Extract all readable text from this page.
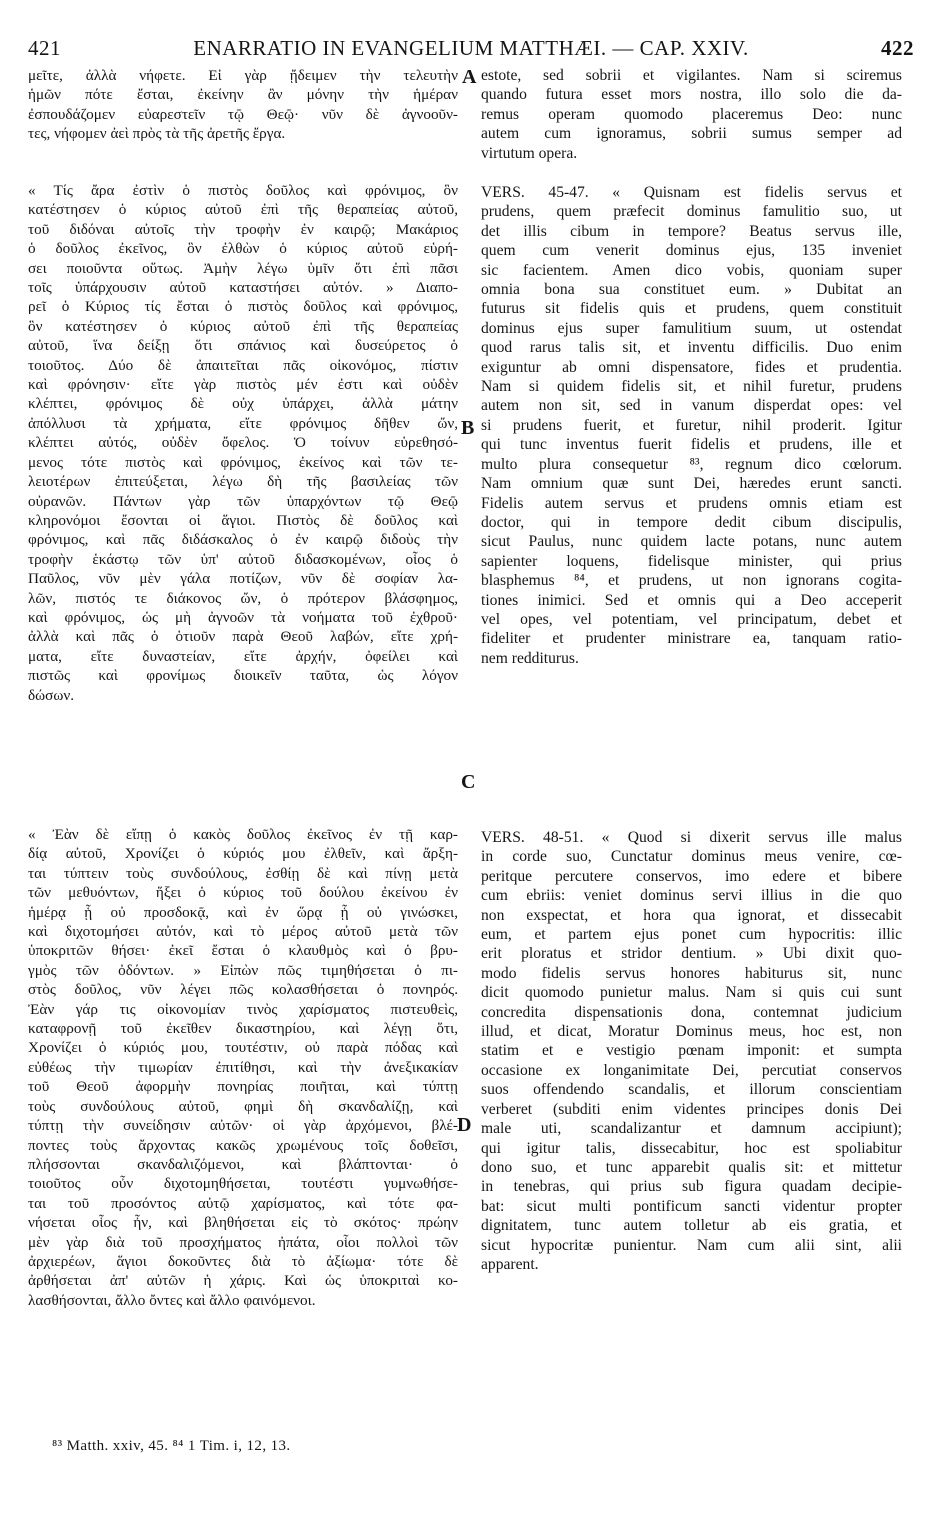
421	ENARRATIO IN EVANGELIUM MATTHÆI. — CAP. XXIV.	422
μεῖτε, ἀλλὰ νήφετε. Εἰ γὰρ ᾔδειμεν τὴν τελευτὴν
ἡμῶν πότε ἔσται, ἐκείνην ἂν μόνην τὴν ἡμέραν
ἐσπουδάζομεν εὐαρεστεῖν τῷ Θεῷ· νῦν δὲ ἀγνοοῦν-
τες, νήφομεν ἀεὶ πρὸς τὰ τῆς ἀρετῆς ἔργα.
« Τίς ἄρα ἐστὶν ὁ πιστὸς δοῦλος καὶ φρόνιμος, ὃν
κατέστησεν ὁ κύριος αὐτοῦ ἐπὶ τῆς θεραπείας αὐτοῦ,
τοῦ διδόναι αὐτοῖς τὴν τροφὴν ἐν καιρῷ; Μακάριος
ὁ δοῦλος ἐκεῖνος, ὃν ἐλθὼν ὁ κύριος αὐτοῦ εὑρή-
σει ποιοῦντα οὕτως. Ἀμὴν λέγω ὑμῖν ὅτι ἐπὶ πᾶσι
τοῖς ὑπάρχουσιν αὐτοῦ καταστήσει αὐτόν. » Διαπο-
ρεῖ ὁ Κύριος τίς ἔσται ὁ πιστὸς δοῦλος καὶ φρόνιμος,
ὃν κατέστησεν ὁ κύριος αὐτοῦ ἐπὶ τῆς θεραπείας
αὐτοῦ, ἵνα δείξῃ ὅτι σπάνιος καὶ δυσεύρετος ὁ
τοιοῦτος. Δύο δὲ ἀπαιτεῖται πᾶς οἰκονόμος, πίστιν
καὶ φρόνησιν· εἴτε γὰρ πιστὸς μέν ἐστι καὶ οὐδὲν
κλέπτει, φρόνιμος δὲ οὐχ ὑπάρχει, ἀλλὰ μάτην
ἀπόλλυσι τὰ χρήματα, εἴτε φρόνιμος δῆθεν ὤν,
κλέπτει αὐτός, οὐδὲν ὄφελος. Ὁ τοίνυν εὑρεθησό-
μενος τότε πιστὸς καὶ φρόνιμος, ἐκείνος καὶ τῶν τε-
λειοτέρων ἐπιτεύξεται, λέγω δὴ τῆς βασιλείας τῶν
οὐρανῶν. Πάντων γὰρ τῶν ὑπαρχόντων τῷ Θεῷ
κληρονόμοι ἔσονται οἱ ἅγιοι. Πιστὸς δὲ δοῦλος καὶ
φρόνιμος, καὶ πᾶς διδάσκαλος ὁ ἐν καιρῷ διδοὺς τὴν
τροφὴν ἑκάστῳ τῶν ὑπ' αὐτοῦ διδασκομένων, οἷος ὁ
Παῦλος, νῦν μὲν γάλα ποτίζων, νῦν δὲ σοφίαν λα-
λῶν, πιστός τε διάκονος ὤν, ὁ πρότερον βλάσφημος,
καὶ φρόνιμος, ὡς μὴ ἀγνοῶν τὰ νοήματα τοῦ ἐχθροῦ·
ἀλλὰ καὶ πᾶς ὁ ὁτιοῦν παρὰ Θεοῦ λαβών, εἴτε χρή-
ματα, εἴτε δυναστείαν, εἴτε ἀρχήν, ὀφείλει καὶ
πιστῶς καὶ φρονίμως διοικεῖν ταῦτα, ὡς λόγον
δώσων.
« Ἐὰν δὲ εἴπῃ ὁ κακὸς δοῦλος ἐκεῖνος ἐν τῇ καρ-
δίᾳ αὐτοῦ, Χρονίζει ὁ κύριός μου ἐλθεῖν, καὶ ἄρξη-
ται τύπτειν τοὺς συνδούλους, ἐσθίῃ δὲ καὶ πίνῃ μετὰ
τῶν μεθυόντων, ἥξει ὁ κύριος τοῦ δούλου ἐκείνου ἐν
ἡμέρᾳ ᾗ οὐ προσδοκᾷ, καὶ ἐν ὥρᾳ ᾗ οὐ γινώσκει,
καὶ διχοτομήσει αὐτόν, καὶ τὸ μέρος αὐτοῦ μετὰ τῶν
ὑποκριτῶν θήσει· ἐκεῖ ἔσται ὁ κλαυθμὸς καὶ ὁ βρυ-
γμὸς τῶν ὀδόντων. » Εἰπὼν πῶς τιμηθήσεται ὁ πι-
στὸς δοῦλος, νῦν λέγει πῶς κολασθήσεται ὁ πονηρός.
Ἐὰν γάρ τις οἰκονομίαν τινὸς χαρίσματος πιστευθεὶς,
καταφρονῇ τοῦ ἐκεῖθεν δικαστηρίου, καὶ λέγῃ ὅτι,
Χρονίζει ὁ κύριός μου, τουτέστιν, οὐ παρὰ πόδας καὶ
εὐθέως τὴν τιμωρίαν ἐπιτίθησι, καὶ τὴν ἀνεξικακίαν
τοῦ Θεοῦ ἀφορμὴν πονηρίας ποιῆται, καὶ τύπτῃ
τοὺς συνδούλους αὐτοῦ, φημὶ δὴ σκανδαλίζῃ, καὶ
τύπτῃ τὴν συνείδησιν αὐτῶν· οἱ γὰρ ἀρχόμενοι, βλέ-
ποντες τοὺς ἄρχοντας κακῶς χρωμένους τοῖς δοθεῖσι,
πλήσσονται σκανδαλιζόμενοι, καὶ βλάπτονται· ὁ
τοιοῦτος οὖν διχοτομηθήσεται, τουτέστι γυμνωθήσε-
ται τοῦ προσόντος αὐτῷ χαρίσματος, καὶ τότε φα-
νήσεται οἷος ἦν, καὶ βληθήσεται εἰς τὸ σκότος· πρώην
μὲν γὰρ διὰ τοῦ προσχήματος ἠπάτα, οἷοι πολλοὶ τῶν
ἀρχιερέων, ἅγιοι δοκοῦντες διὰ τὸ ἀξίωμα· τότε δὲ
ἀρθήσεται ἀπ' αὐτῶν ἡ χάρις. Καὶ ὡς ὑποκριταὶ κο-
λασθήσονται, ἄλλο ὄντες καὶ ἄλλο φαινόμενοι.
estote, sed sobrii et vigilantes. Nam si sciremus
quando futura esset mors nostra, illo solo die da-
remus operam quomodo placeremus Deo: nunc
autem cum ignoramus, sobrii sumus semper ad
virtutum opera.
VERS. 45-47. « Quisnam est fidelis servus et
prudens, quem præfecit dominus famulitio suo, ut
det illis cibum in tempore? Beatus servus ille,
quem cum venerit dominus ejus, 135 inveniet
sic facientem. Amen dico vobis, quoniam super
omnia bona sua constituet eum. » Dubitat an
futurus sit fidelis quis et prudens, quem constituit
dominus ejus super famulitium suum, ut ostendat
quod rarus talis sit, et inventu difficilis. Duo enim
exiguntur ab omni dispensatore, fides et prudentia.
Nam si quidem fidelis sit, et nihil furetur, prudens
autem non sit, sed in vanum disperdat opes: vel
si prudens fuerit, et furetur, nihil proderit. Igitur
qui tunc inventus fuerit fidelis et prudens, ille et
multo plura consequetur ⁸³, regnum dico cœlorum.
Nam omnium quæ sunt Dei, hæredes erunt sancti.
Fidelis autem servus et prudens omnis etiam est
doctor, qui in tempore dedit cibum discipulis,
sicut Paulus, nunc quidem lacte potans, nunc autem
sapienter loquens, fidelisque minister, qui prius
blasphemus ⁸⁴, et prudens, ut non ignorans cogita-
tiones inimici. Sed et omnis qui a Deo acceperit
vel opes, vel potentiam, vel principatum, debet et
fideliter et prudenter ministrare ea, tanquam ratio-
nem redditurus.
VERS. 48-51. « Quod si dixerit servus ille malus
in corde suo, Cunctatur dominus meus venire, cœ-
peritque percutere conservos, imo edere et bibere
cum ebriis: veniet dominus servi illius in die quo
non exspectat, et hora qua ignorat, et dissecabit
eum, et partem ejus ponet cum hypocritis: illic
erit ploratus et stridor dentium. » Ubi dixit quo-
modo fidelis servus honores habiturus sit, nunc
dicit quomodo punietur malus. Nam si quis cui sunt
concredita dispensationis dona, contemnat judicium
illud, et dicat, Moratur Dominus meus, hoc est, non
statim et e vestigio pœnam imponit: et sumpta
occasione ex longanimitate Dei, percutiat conservos
suos offendendo scandalis, et illorum conscientiam
verberet (subditi enim videntes principes donis Dei
male uti, scandalizantur et damnum accipiunt);
qui igitur talis, dissecabitur, hoc est spoliabitur
dono suo, et tunc apparebit qualis sit: et mittetur
in tenebras, qui prius sub figura quadam decipie-
bat: sicut multi pontificum sancti videntur propter
dignitatem, tunc autem tolletur ab eis gratia, et
sicut hypocritæ punientur. Nam cum alii sint, alii
apparent.
A
B
C
D
⁸³ Matth. xxiv, 45. ⁸⁴ 1 Tim. i, 12, 13.
